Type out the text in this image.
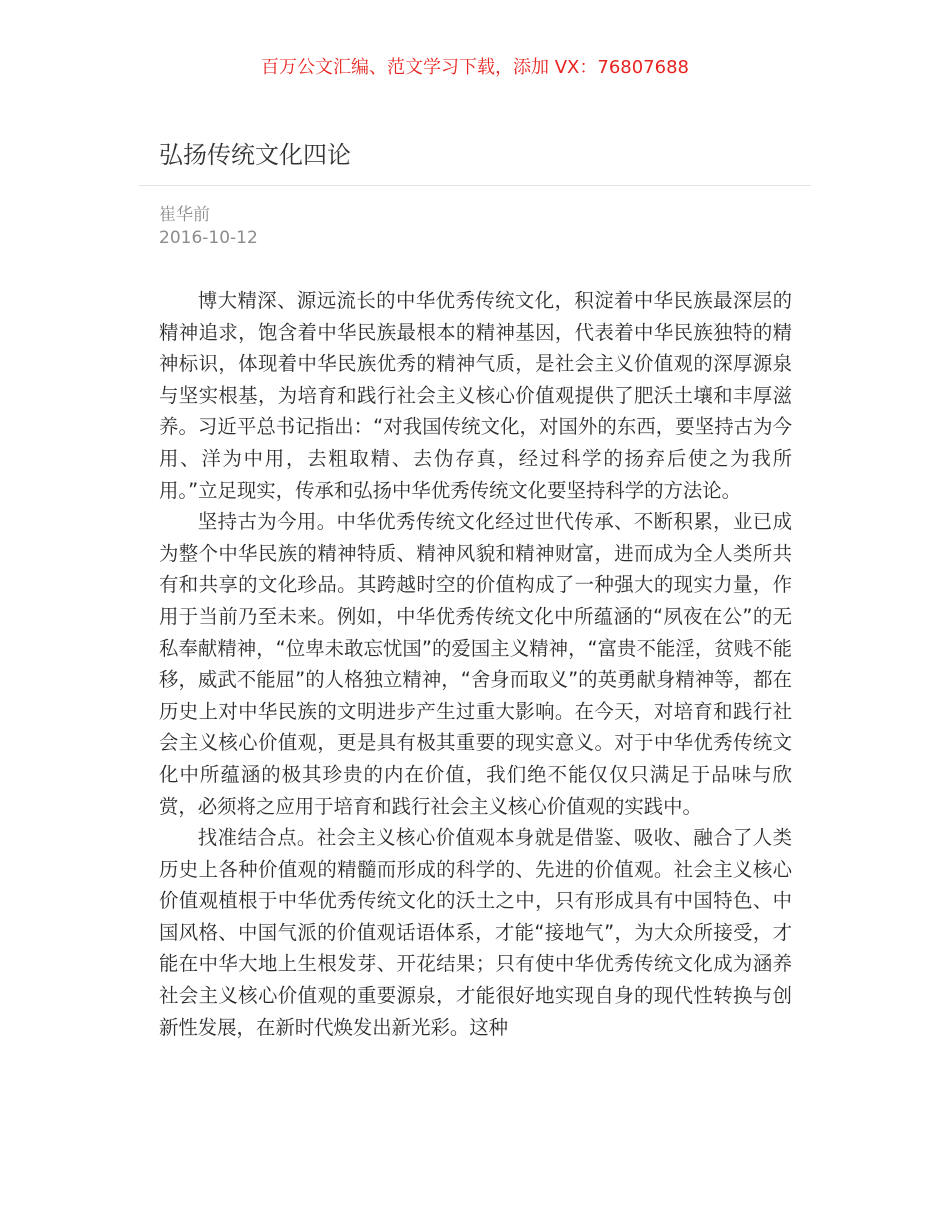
百万公文汇编、范文学习下载，添加 VX：76807688
弘扬传统文化四论
崔华前
2016-10-12

博大精深、源远流长的中华优秀传统文化，积淀着中华民族最深层的精神追求，饱含着中华民族最根本的精神基因，代表着中华民族独特的精神标识，体现着中华民族优秀的精神气质，是社会主义价值观的深厚源泉与坚实根基，为培育和践行社会主义核心价值观提供了肥沃土壤和丰厚滋养。习近平总书记指出：“对我国传统文化，对国外的东西，要坚持古为今用、洋为中用，去粗取精、去伪存真，经过科学的扬弃后使之为我所用。”立足现实，传承和弘扬中华优秀传统文化要坚持科学的方法论。

坚持古为今用。中华优秀传统文化经过世代传承、不断积累，业已成为整个中华民族的精神特质、精神风貌和精神财富，进而成为全人类所共有和共享的文化珍品。其跨越时空的价值构成了一种强大的现实力量，作用于当前乃至未来。例如，中华优秀传统文化中所蕴涵的“夙夜在公”的无私奉献精神，“位卑未敢忘忧国”的爱国主义精神，“富贵不能淫，贫贱不能移，威武不能屈”的人格独立精神，“舍身而取义”的英勇献身精神等，都在历史上对中华民族的文明进步产生过重大影响。在今天，对培育和践行社会主义核心价值观，更是具有极其重要的现实意义。对于中华优秀传统文化中所蕴涵的极其珍贵的内在价值，我们绝不能仅仅只满足于品味与欣赏，必须将之应用于培育和践行社会主义核心价值观的实践中。

找准结合点。社会主义核心价值观本身就是借鉴、吸收、融合了人类历史上各种价值观的精髓而形成的科学的、先进的价值观。社会主义核心价值观植根于中华优秀传统文化的沃土之中，只有形成具有中国特色、中国风格、中国气派的价值观话语体系，才能“接地气”，为大众所接受，才能在中华大地上生根发芽、开花结果；只有使中华优秀传统文化成为涵养社会主义核心价值观的重要源泉，才能很好地实现自身的现代性转换与创新性发展，在新时代焕发出新光彩。这种
